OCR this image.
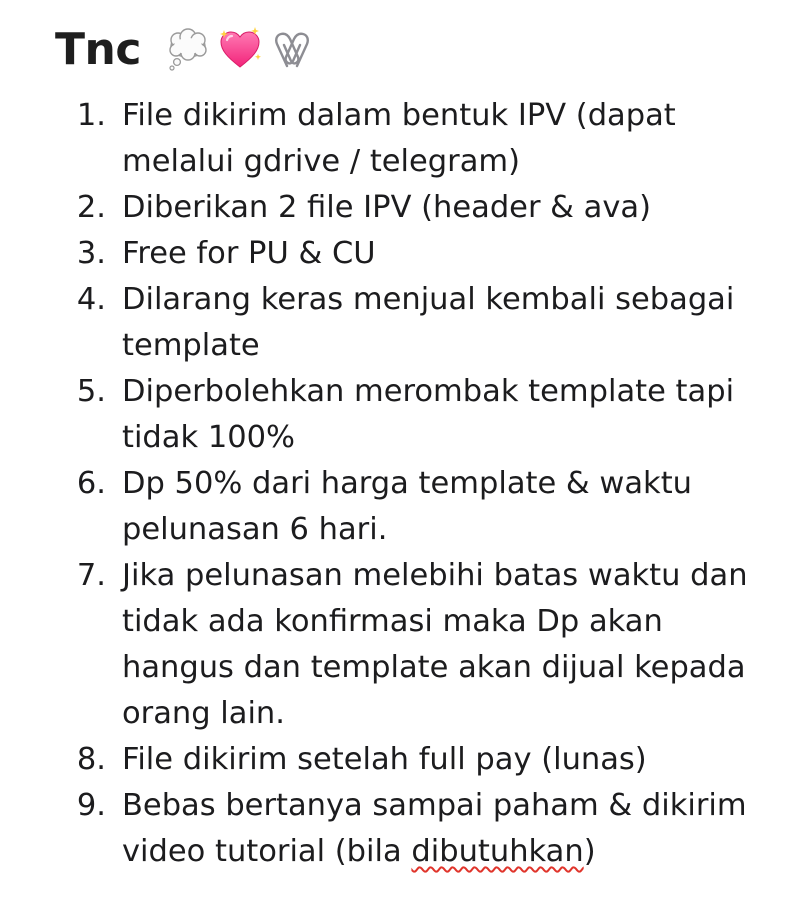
Tnc
1. File dikirim dalam bentuk IPV (dapat melalui gdrive / telegram)
2. Diberikan 2 file IPV (header & ava)
3. Free for PU & CU
4. Dilarang keras menjual kembali sebagai template
5. Diperbolehkan merombak template tapi tidak 100%
6. Dp 50% dari harga template & waktu pelunasan 6 hari.
7. Jika pelunasan melebihi batas waktu dan tidak ada konfirmasi maka Dp akan hangus dan template akan dijual kepada orang lain.
8. File dikirim setelah full pay (lunas)
9. Bebas bertanya sampai paham & dikirim video tutorial (bila dibutuhkan)
